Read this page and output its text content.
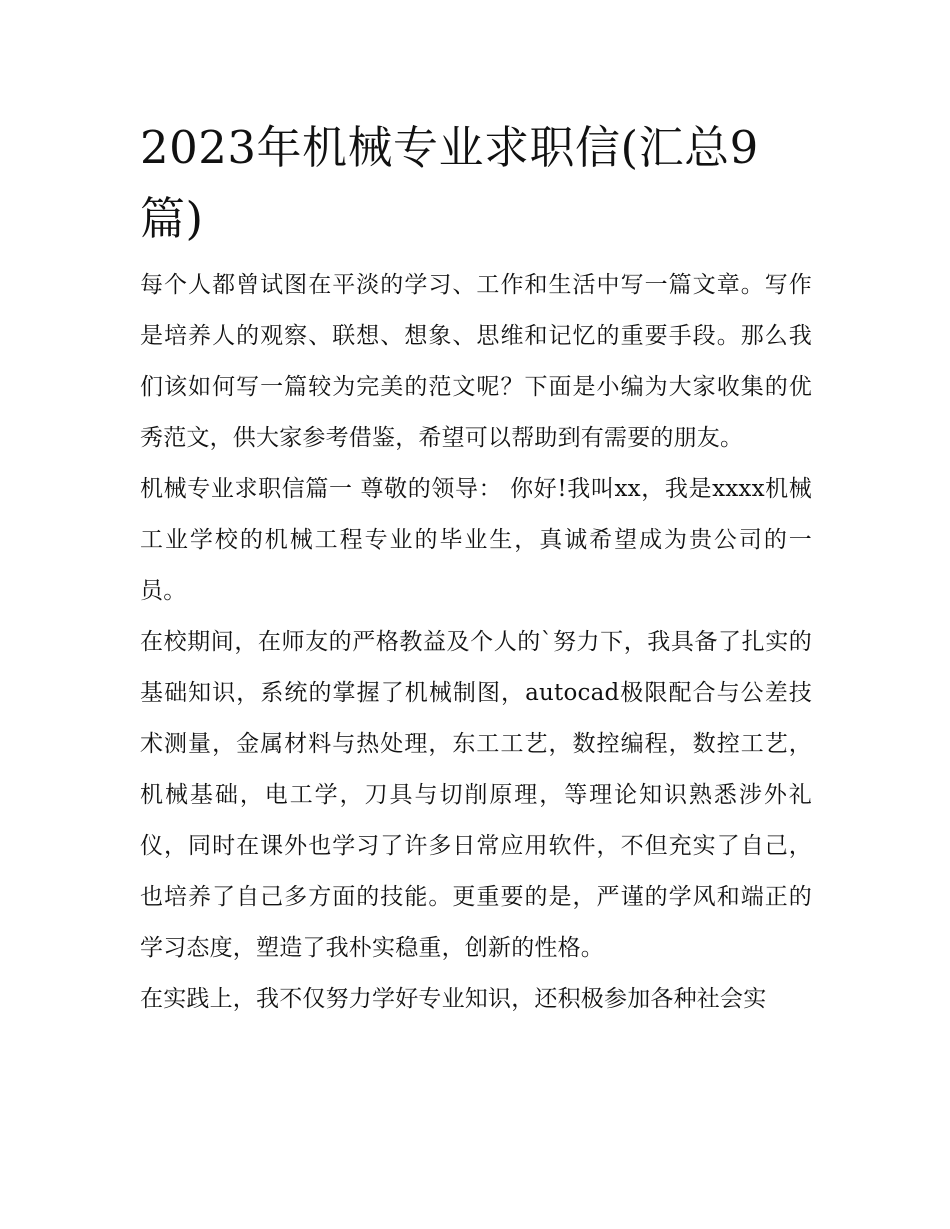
2023年机械专业求职信(汇总9篇)

每个人都曾试图在平淡的学习、工作和生活中写一篇文章。写作是培养人的观察、联想、想象、思维和记忆的重要手段。那么我们该如何写一篇较为完美的范文呢？下面是小编为大家收集的优秀范文，供大家参考借鉴，希望可以帮助到有需要的朋友。

机械专业求职信篇一 尊敬的领导： 你好!我叫xx，我是xxxx机械工业学校的机械工程专业的毕业生，真诚希望成为贵公司的一员。

在校期间，在师友的严格教益及个人的`努力下，我具备了扎实的基础知识，系统的掌握了机械制图，autocad极限配合与公差技术测量，金属材料与热处理，东工工艺，数控编程，数控工艺，机械基础，电工学，刀具与切削原理，等理论知识熟悉涉外礼仪，同时在课外也学习了许多日常应用软件，不但充实了自己，也培养了自己多方面的技能。更重要的是，严谨的学风和端正的学习态度，塑造了我朴实稳重，创新的性格。

在实践上，我不仅努力学好专业知识，还积极参加各种社会实
